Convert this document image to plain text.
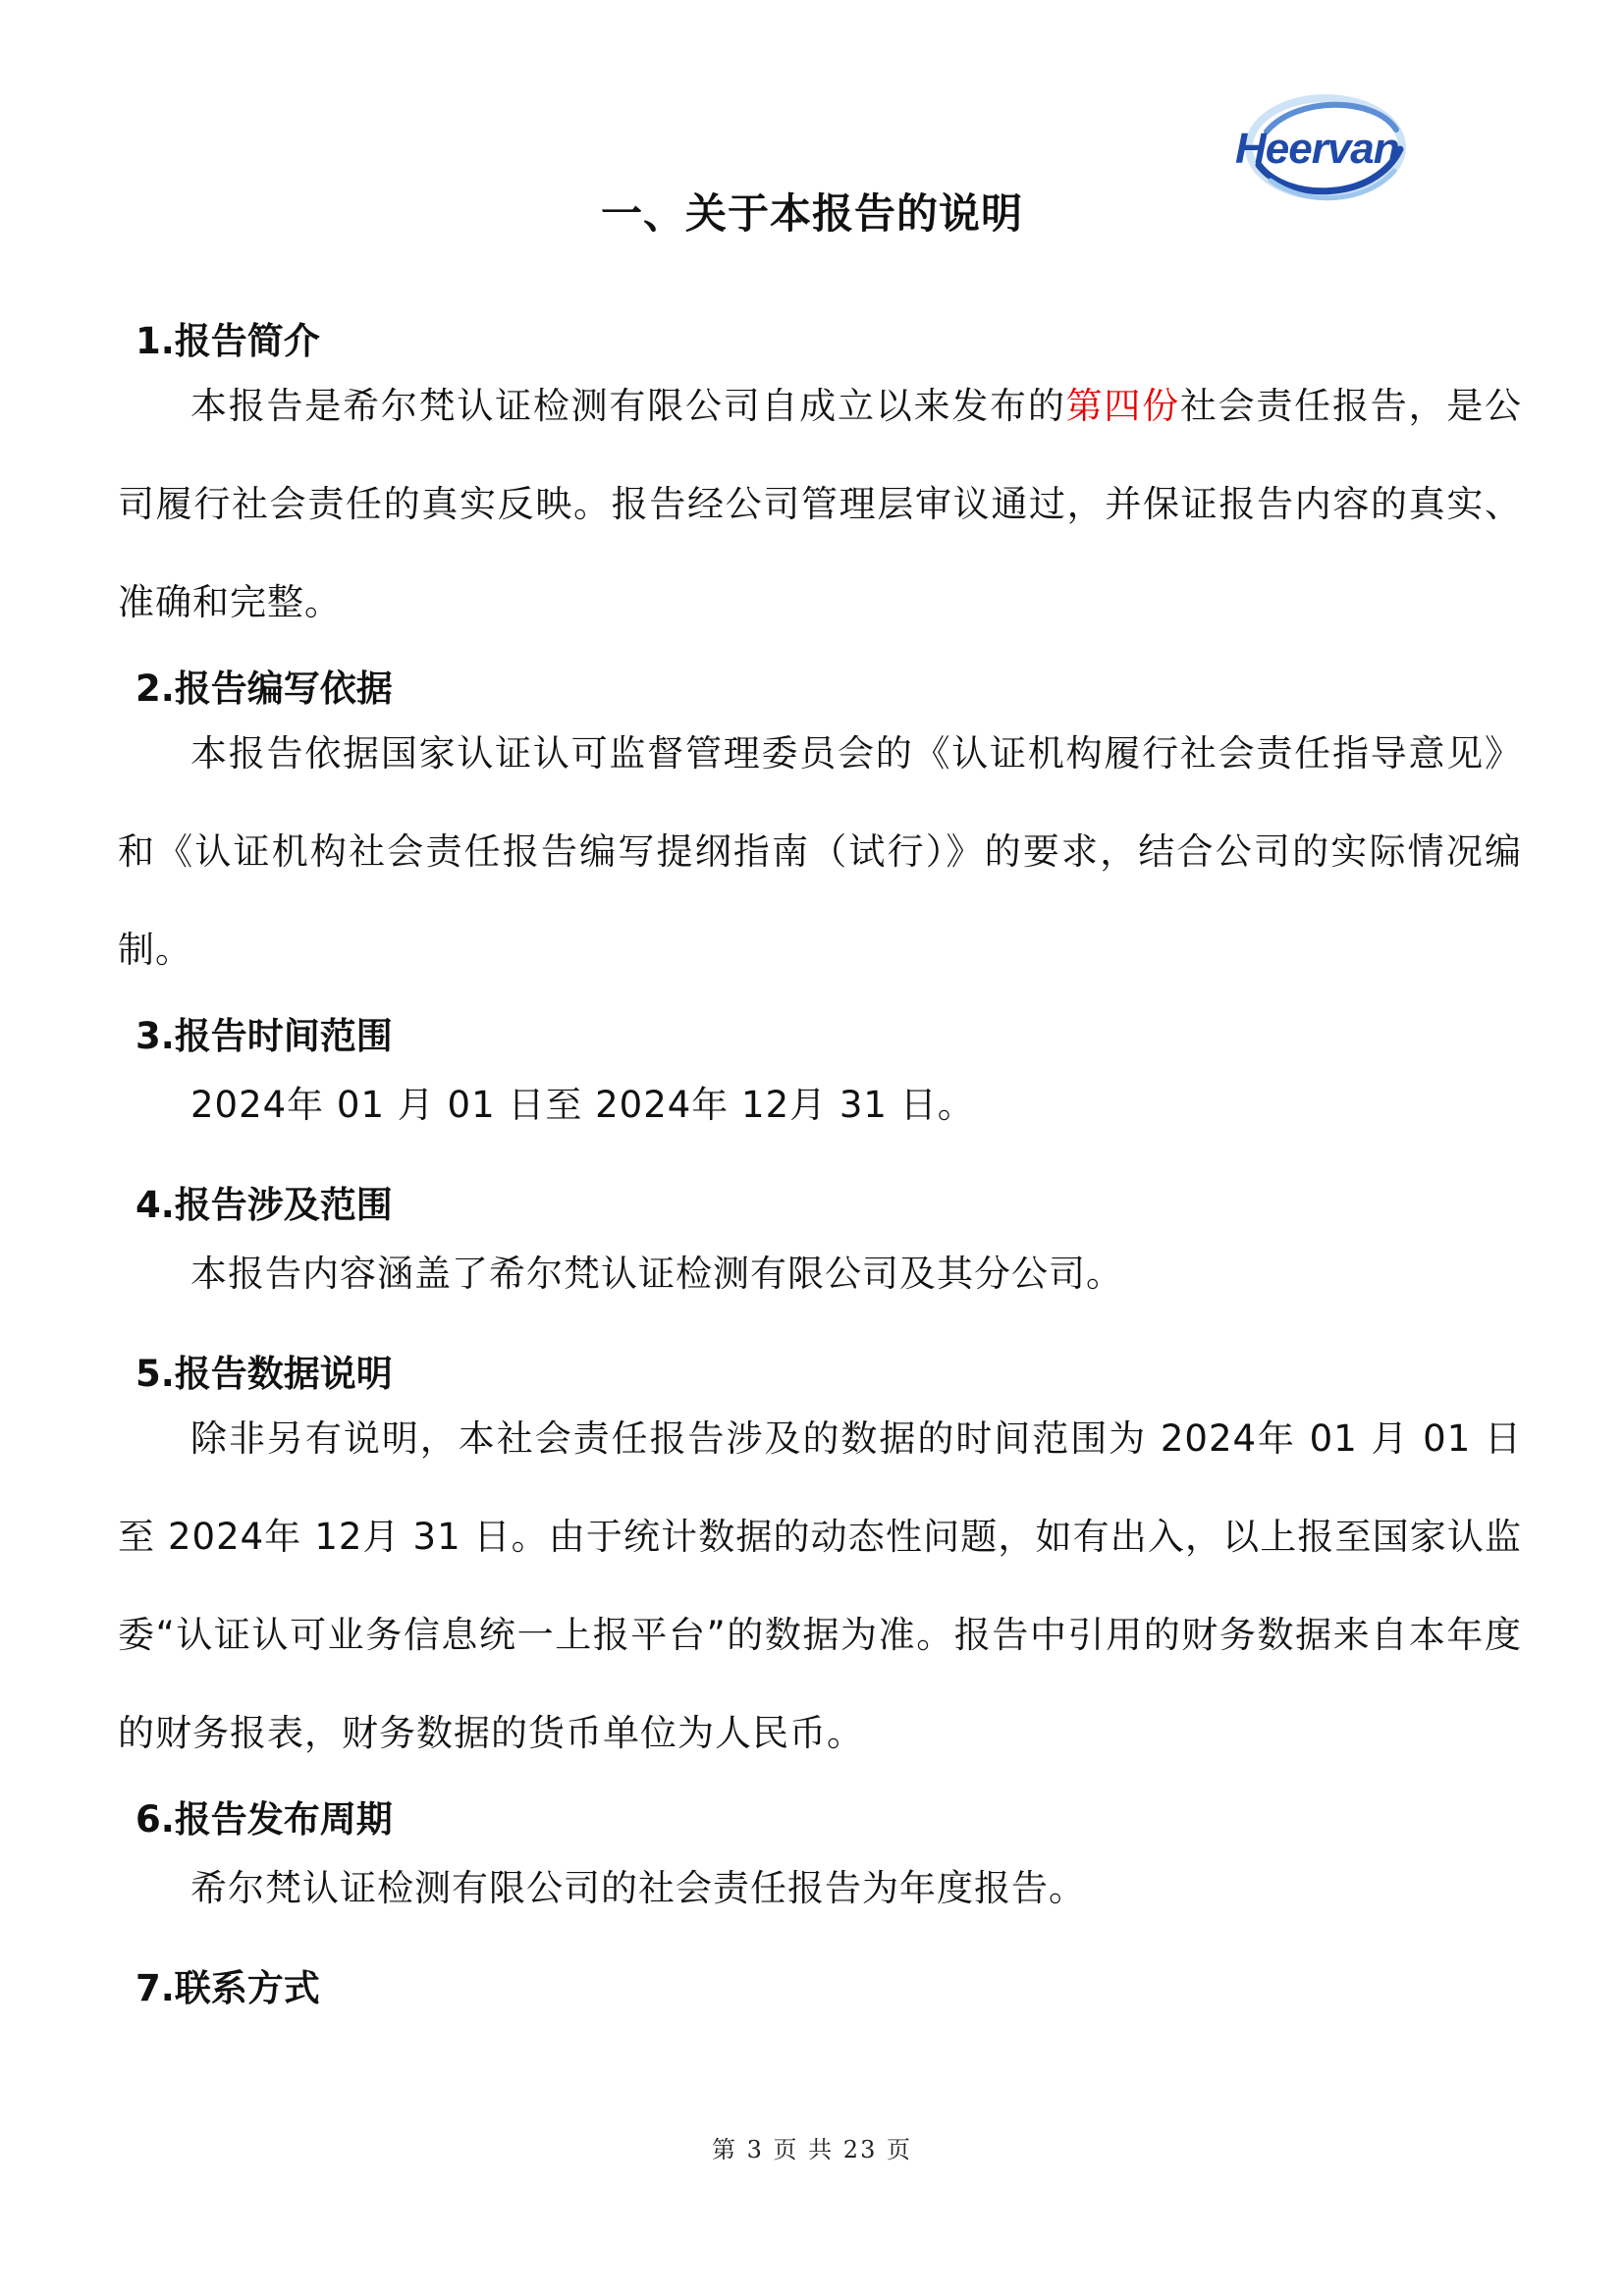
Heervan
一、关于本报告的说明
1.报告简介

本报告是希尔梵认证检测有限公司自成立以来发布的第四份社会责任报告，是公司履行社会责任的真实反映。报告经公司管理层审议通过，并保证报告内容的真实、准确和完整。

2.报告编写依据

本报告依据国家认证认可监督管理委员会的《认证机构履行社会责任指导意见》和《认证机构社会责任报告编写提纲指南（试行）》的要求，结合公司的实际情况编制。

3.报告时间范围

2024年 01 月 01 日至 2024年 12月 31 日。

4.报告涉及范围

本报告内容涵盖了希尔梵认证检测有限公司及其分公司。

5.报告数据说明

除非另有说明，本社会责任报告涉及的数据的时间范围为 2024年 01 月 01 日至 2024年 12月 31 日。由于统计数据的动态性问题，如有出入，以上报至国家认监委“认证认可业务信息统一上报平台”的数据为准。报告中引用的财务数据来自本年度的财务报表，财务数据的货币单位为人民币。

6.报告发布周期

希尔梵认证检测有限公司的社会责任报告为年度报告。

7.联系方式
第 3 页 共 23 页
